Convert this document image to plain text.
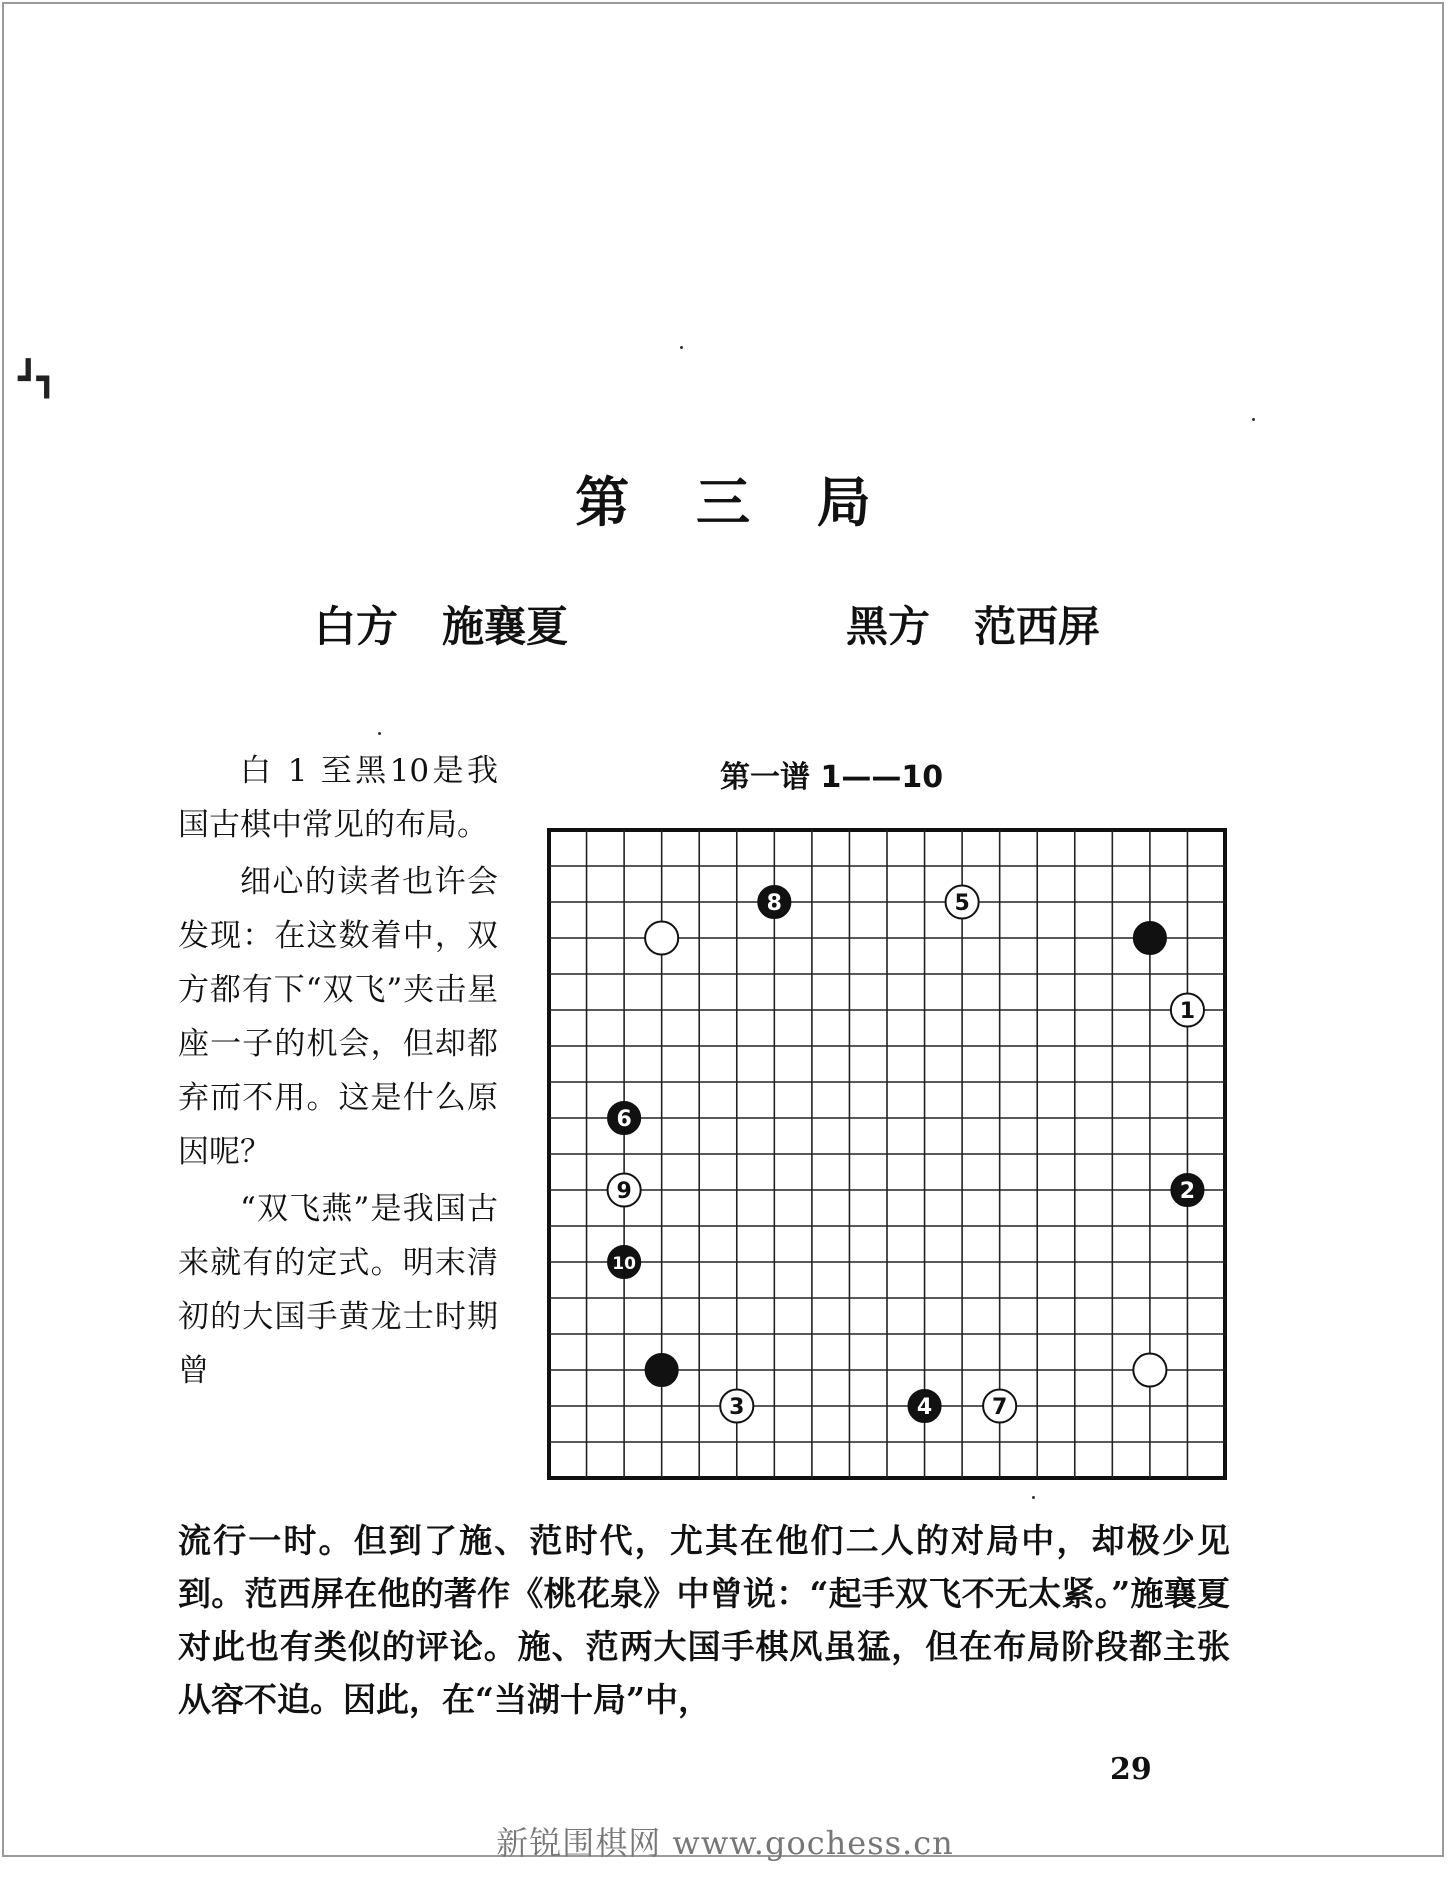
┛┓
第 三 局
白方 施襄夏	黑方 范西屏

白 1 至黑10是我国古棋中常见的布局。

细心的读者也许会发现：在这数着中，双方都有下“双飞”夹击星座一子的机会，但却都弃而不用。这是什么原因呢？

“双飞燕”是我国古来就有的定式。明末清初的大国手黄龙士时期曾

第一谱 1——10
8	5
1
6
9	2
10
3	4	7

流行一时。但到了施、范时代，尤其在他们二人的对局中，却极少见到。范西屏在他的著作《桃花泉》中曾说：“起手双飞不无太紧。”施襄夏对此也有类似的评论。施、范两大国手棋风虽猛，但在布局阶段都主张从容不迫。因此，在“当湖十局”中，

29
新锐围棋网 www.gochess.cn
